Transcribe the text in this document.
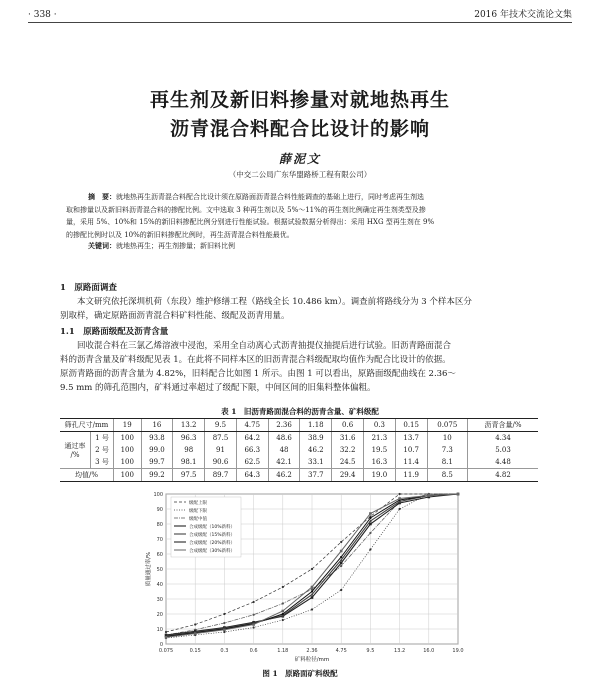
· 338 ·	2016 年技术交流论文集
再生剂及新旧料掺量对就地热再生
沥青混合料配合比设计的影响
薛泥文
（中交二公局广东华盟路桥工程有限公司）
摘　要：就地热再生沥青混合料配合比设计须在原路面沥青混合料性能调查的基础上进行，同时考虑再生剂选
取和掺量以及新旧料沥青混合料的掺配比例。文中选取 3 种再生剂以及 5%～11%的再生剂比例确定再生剂类型及掺
量，采用 5%、10%和 15%的新旧料掺配比例分别进行性能试验。根据试验数据分析得出：采用 HXG 型再生剂在 9%
的掺配比例时以及 10%的新旧料掺配比例时，再生沥青混合料性能最优。
关键词：就地热再生；再生剂掺量；新旧料比例
1　原路面调查
本文研究依托深圳机荷（东段）维护修缮工程（路线全长 10.486 km）。调查前将路线分为 3 个样本区分
别取样，确定原路面沥青混合料矿料性能、级配及沥青用量。
1.1　原路面级配及沥青含量
回收混合料在三氯乙烯溶液中浸泡，采用全自动离心式沥青抽提仪抽提后进行试验。旧沥青路面混合
料的沥青含量及矿料级配见表 1。在此将不同样本区的旧沥青混合料级配取均值作为配合比设计的依据。
原沥青路面的沥青含量为 4.82%，旧料配合比如图 1 所示。由图 1 可以看出，原路面级配曲线在 2.36～
9.5 mm 的筛孔范围内，矿料通过率超过了级配下限，中间区间的旧集料整体偏粗。
表 1　旧沥青路面混合料的沥青含量、矿料级配
筛孔尺寸/mm		19	16	13.2	9.5	4.75	2.36	1.18	0.6	0.3	0.15	0.075	沥青含量/%

通过率
/%	1 号	100	93.8	96.3	87.5	64.2	48.6	38.9	31.6	21.3	13.7	10	4.34
	2 号	100	99.0	98	91	66.3	48	46.2	32.2	19.5	10.7	7.3	5.03
	3 号	100	99.7	98.1	90.6	62.5	42.1	33.1	24.5	16.3	11.4	8.1	4.48
均值/%		100	99.2	97.5	89.7	64.3	46.2	37.7	29.4	19.0	11.9	8.5	4.82
0
10
20
30
40
50
60
70
80
90
100
0.075	0.15	0.3	0.6	1.18	2.36	4.75	9.5	13.2	16.0	19.0
矿料粒径/mm
质量通过率/%
级配上限
级配下限
级配中值
合成级配（10%新料）
合成级配（15%新料）
合成级配（20%新料）
合成级配（30%新料）
图 1　原路面矿料级配
